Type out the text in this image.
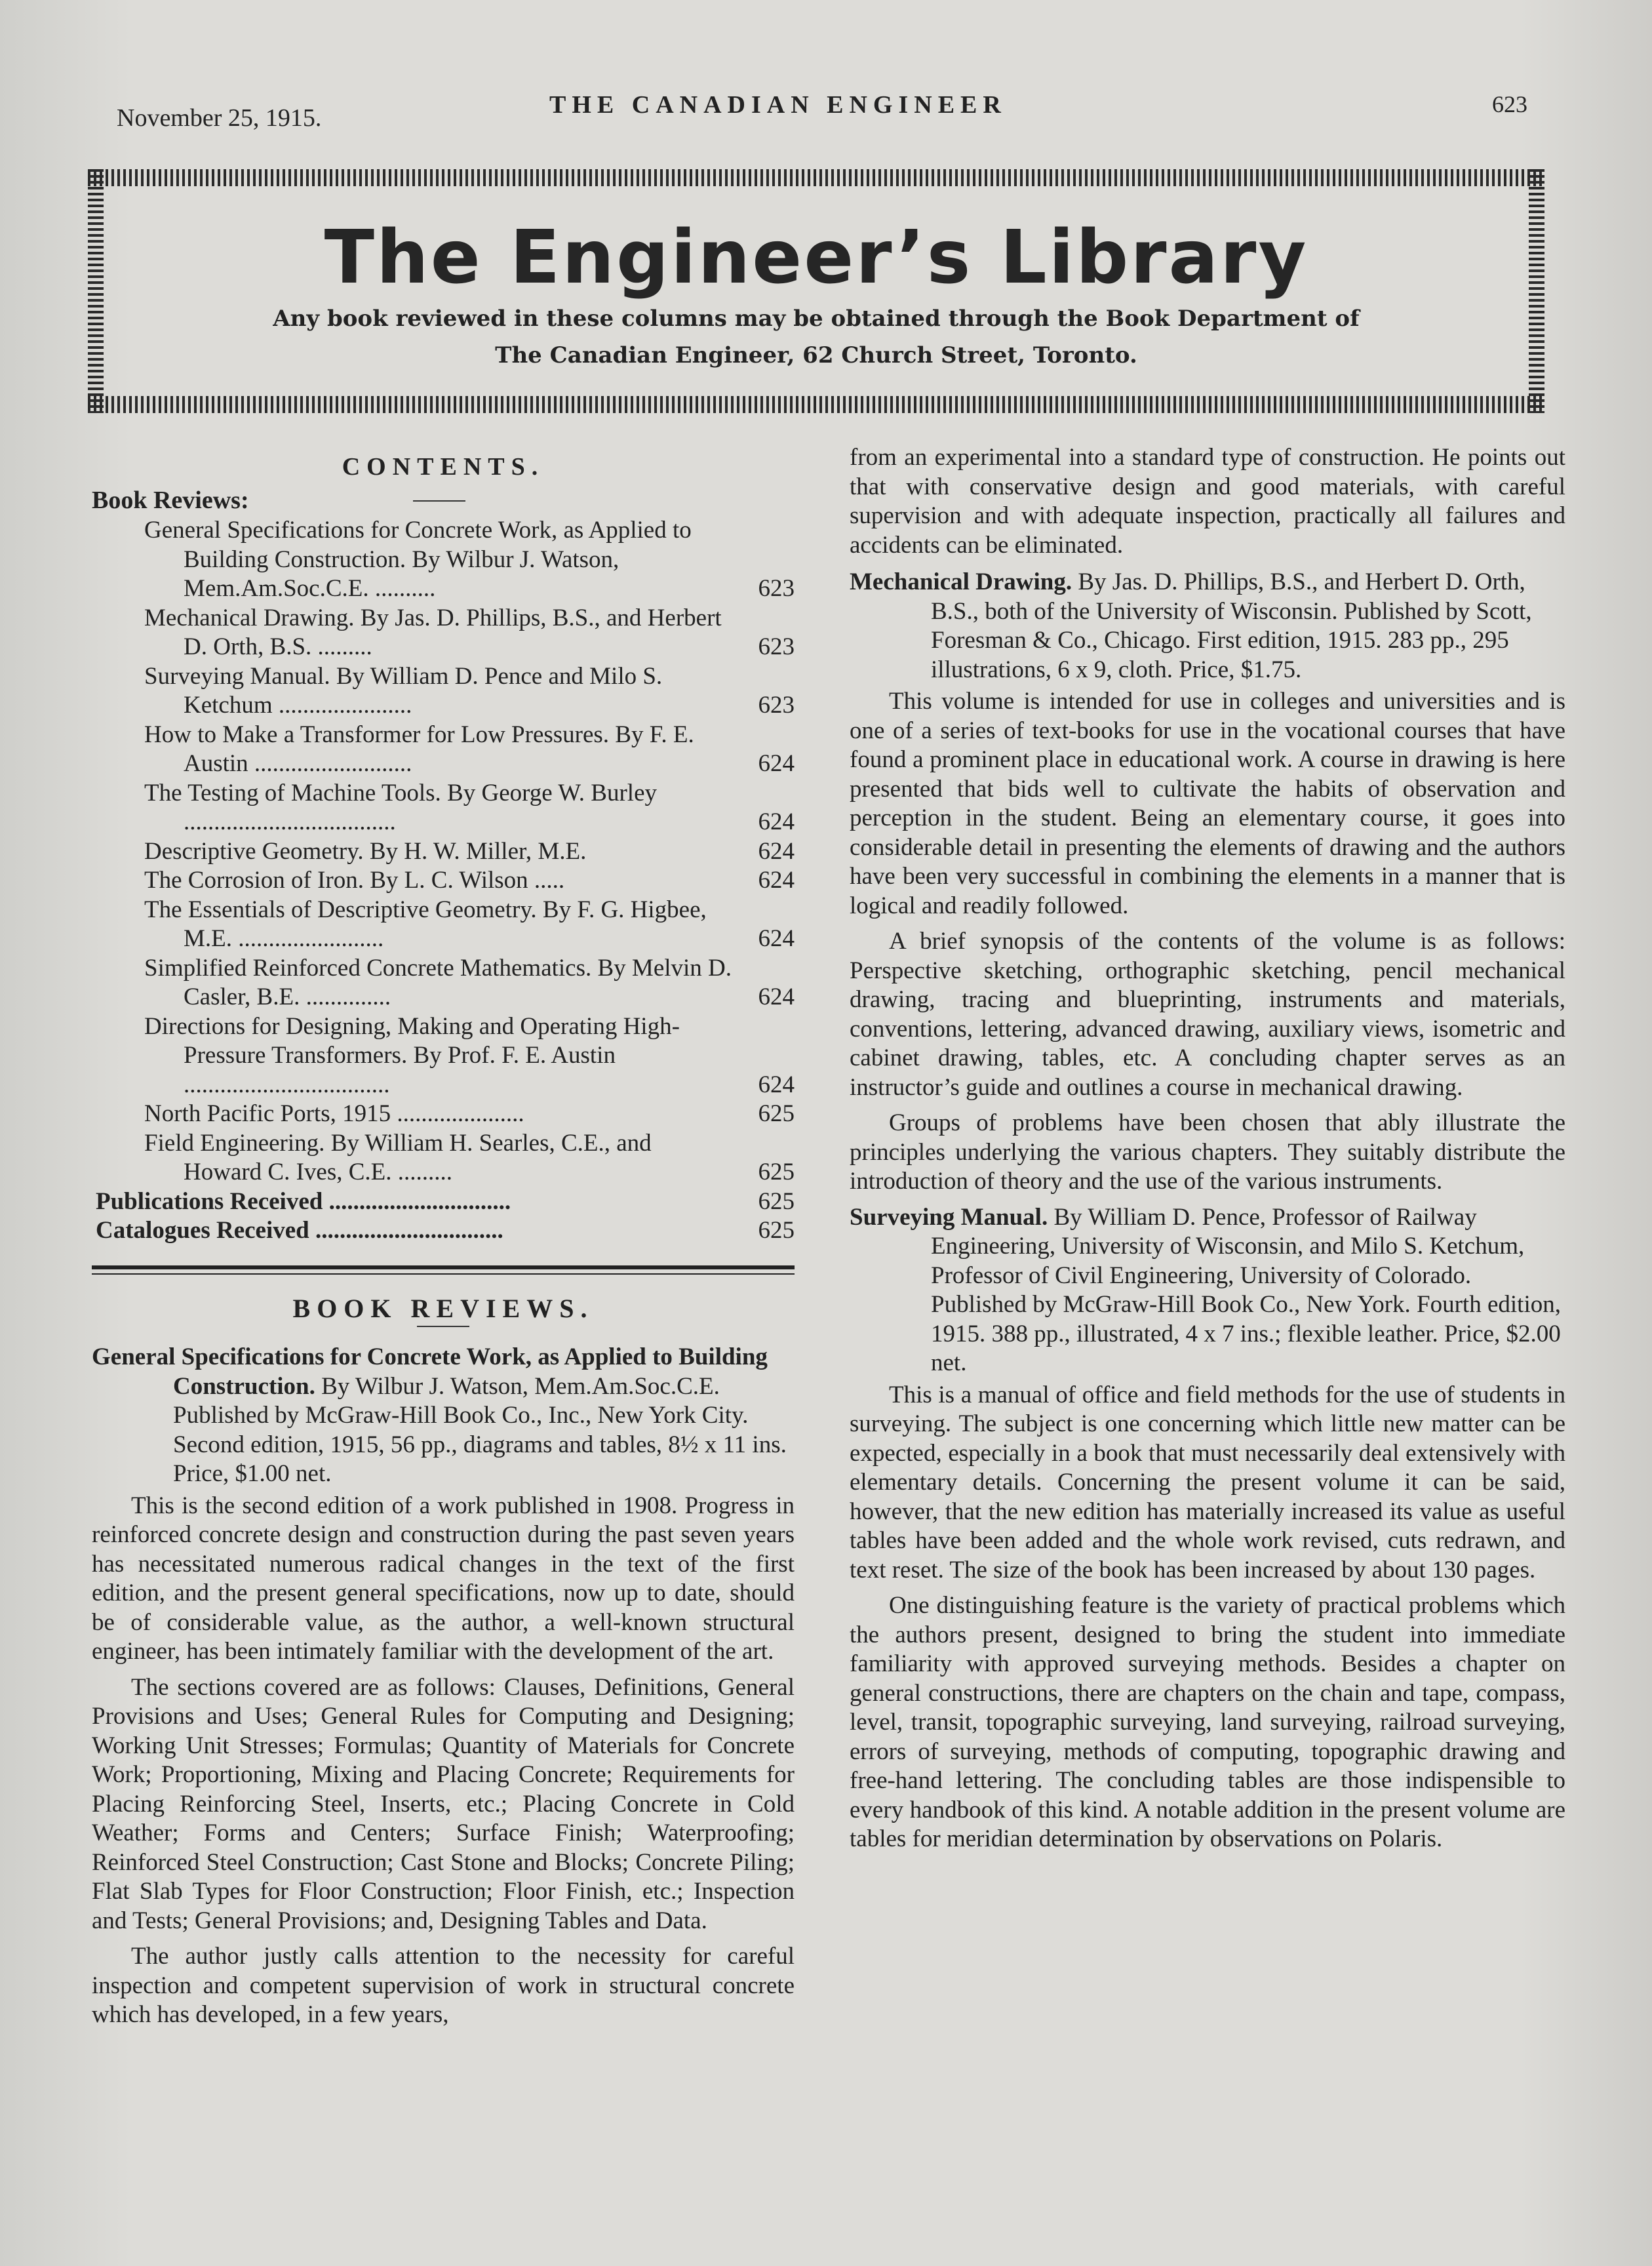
November 25, 1915.	THE CANADIAN ENGINEER	623
The Engineer’s Library
Any book reviewed in these columns may be obtained through the Book Department of
The Canadian Engineer, 62 Church Street, Toronto.
CONTENTS.
Book Reviews:
General Specifications for Concrete Work, as Applied to Building Construction. By Wilbur J. Watson, Mem.Am.Soc.C.E. ..........	623
Mechanical Drawing. By Jas. D. Phillips, B.S., and Herbert D. Orth, B.S. .........	623
Surveying Manual. By William D. Pence and Milo S. Ketchum ......................	623
How to Make a Transformer for Low Pressures. By F. E. Austin ..........................	624
The Testing of Machine Tools. By George W. Burley ...................................	624
Descriptive Geometry. By H. W. Miller, M.E.	624
The Corrosion of Iron. By L. C. Wilson .....	624
The Essentials of Descriptive Geometry. By F. G. Higbee, M.E. ........................	624
Simplified Reinforced Concrete Mathematics. By Melvin D. Casler, B.E. ..............	624
Directions for Designing, Making and Operating High-Pressure Transformers. By Prof. F. E. Austin ..................................	624
North Pacific Ports, 1915 .....................	625
Field Engineering. By William H. Searles, C.E., and Howard C. Ives, C.E. .........	625
Publications Received ..............................	625
Catalogues Received ...............................	625
BOOK REVIEWS.
General Specifications for Concrete Work, as Applied to Building Construction. By Wilbur J. Watson, Mem.Am.Soc.C.E. Published by McGraw-Hill Book Co., Inc., New York City. Second edition, 1915, 56 pp., diagrams and tables, 8½ x 11 ins. Price, $1.00 net.

This is the second edition of a work published in 1908. Progress in reinforced concrete design and construction during the past seven years has necessitated numerous radical changes in the text of the first edition, and the present general specifications, now up to date, should be of considerable value, as the author, a well-known structural engineer, has been intimately familiar with the development of the art.

The sections covered are as follows: Clauses, Definitions, General Provisions and Uses; General Rules for Computing and Designing; Working Unit Stresses; Formulas; Quantity of Materials for Concrete Work; Proportioning, Mixing and Placing Concrete; Requirements for Placing Reinforcing Steel, Inserts, etc.; Placing Concrete in Cold Weather; Forms and Centers; Surface Finish; Waterproofing; Reinforced Steel Construction; Cast Stone and Blocks; Concrete Piling; Flat Slab Types for Floor Construction; Floor Finish, etc.; Inspection and Tests; General Provisions; and, Designing Tables and Data.

The author justly calls attention to the necessity for careful inspection and competent supervision of work in structural concrete which has developed, in a few years,

from an experimental into a standard type of construction. He points out that with conservative design and good materials, with careful supervision and with adequate inspection, practically all failures and accidents can be eliminated.

Mechanical Drawing. By Jas. D. Phillips, B.S., and Herbert D. Orth, B.S., both of the University of Wisconsin. Published by Scott, Foresman & Co., Chicago. First edition, 1915. 283 pp., 295 illustrations, 6 x 9, cloth. Price, $1.75.

This volume is intended for use in colleges and universities and is one of a series of text-books for use in the vocational courses that have found a prominent place in educational work. A course in drawing is here presented that bids well to cultivate the habits of observation and perception in the student. Being an elementary course, it goes into considerable detail in presenting the elements of drawing and the authors have been very successful in combining the elements in a manner that is logical and readily followed.

A brief synopsis of the contents of the volume is as follows: Perspective sketching, orthographic sketching, pencil mechanical drawing, tracing and blueprinting, instruments and materials, conventions, lettering, advanced drawing, auxiliary views, isometric and cabinet drawing, tables, etc. A concluding chapter serves as an instructor’s guide and outlines a course in mechanical drawing.

Groups of problems have been chosen that ably illustrate the principles underlying the various chapters. They suitably distribute the introduction of theory and the use of the various instruments.

Surveying Manual. By William D. Pence, Professor of Railway Engineering, University of Wisconsin, and Milo S. Ketchum, Professor of Civil Engineering, University of Colorado. Published by McGraw-Hill Book Co., New York. Fourth edition, 1915. 388 pp., illustrated, 4 x 7 ins.; flexible leather. Price, $2.00 net.

This is a manual of office and field methods for the use of students in surveying. The subject is one concerning which little new matter can be expected, especially in a book that must necessarily deal extensively with elementary details. Concerning the present volume it can be said, however, that the new edition has materially increased its value as useful tables have been added and the whole work revised, cuts redrawn, and text reset. The size of the book has been increased by about 130 pages.

One distinguishing feature is the variety of practical problems which the authors present, designed to bring the student into immediate familiarity with approved surveying methods. Besides a chapter on general constructions, there are chapters on the chain and tape, compass, level, transit, topographic surveying, land surveying, railroad surveying, errors of surveying, methods of computing, topographic drawing and free-hand lettering. The concluding tables are those indispensible to every handbook of this kind. A notable addition in the present volume are tables for meridian determination by observations on Polaris.
